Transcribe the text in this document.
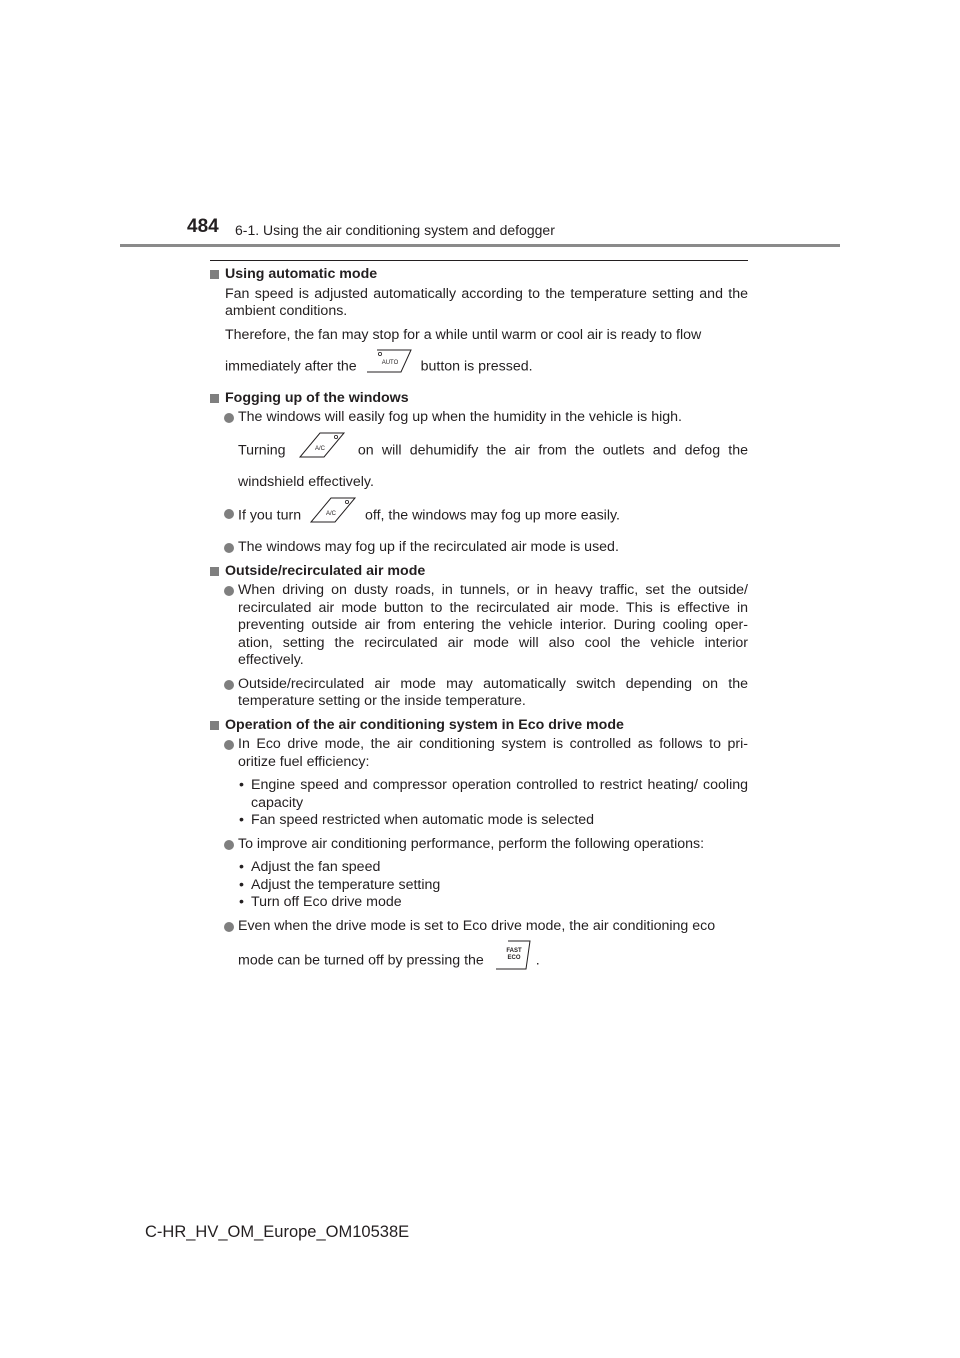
484 6-1. Using the air conditioning system and defogger
Using automatic mode
Fan speed is adjusted automatically according to the temperature setting and the ambient conditions.
Therefore, the fan may stop for a while until warm or cool air is ready to flow
immediately after the	AUTO button is pressed.
Fogging up of the windows
The windows will easily fog up when the humidity in the vehicle is high.
Turning	A/C on will dehumidify the air from the outlets and defog the
windshield effectively.
If you turn	A/C off, the windows may fog up more easily.
The windows may fog up if the recirculated air mode is used.
Outside/recirculated air mode
When driving on dusty roads, in tunnels, or in heavy traffic, set the outside/ recirculated air mode button to the recirculated air mode. This is effective in preventing outside air from entering the vehicle interior. During cooling oper- ation, setting the recirculated air mode will also cool the vehicle interior effectively.
Outside/recirculated air mode may automatically switch depending on the temperature setting or the inside temperature.
Operation of the air conditioning system in Eco drive mode
In Eco drive mode, the air conditioning system is controlled as follows to pri- oritize fuel efficiency:
• Engine speed and compressor operation controlled to restrict heating/ cooling capacity
• Fan speed restricted when automatic mode is selected
To improve air conditioning performance, perform the following operations:
• Adjust the fan speed
• Adjust the temperature setting
• Turn off Eco drive mode
Even when the drive mode is set to Eco drive mode, the air conditioning eco
mode can be turned off by pressing the
FAST
ECO .
C-HR_HV_OM_Europe_OM10538E
